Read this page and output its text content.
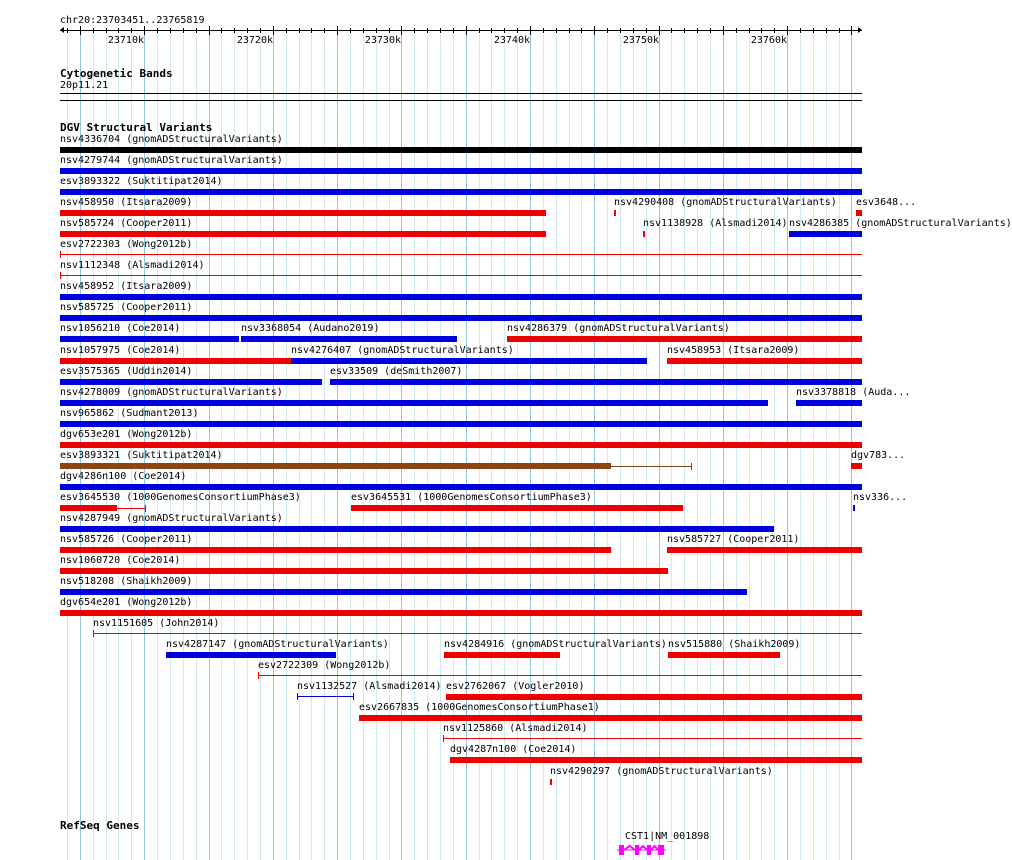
chr20:23703451..23765819
23710k	23720k	23730k	23740k	23750k	23760k
Cytogenetic Bands
20p11.21
DGV Structural Variants
nsv4336704 (gnomADStructuralVariants)
nsv4279744 (gnomADStructuralVariants)
esv3893322 (Suktitipat2014)
nsv458950 (Itsara2009)	nsv4290408 (gnomADStructuralVariants) esv3648...
nsv585724 (Cooper2011)	nsv1138928 (Alsmadi2014) nsv4286385 (gnomADStructuralVariants)
esv2722303 (Wong2012b)
nsv1112348 (Alsmadi2014)
nsv458952 (Itsara2009)
nsv585725 (Cooper2011)
nsv1056210 (Coe2014)	nsv3368054 (Audano2019)	nsv4286379 (gnomADStructuralVariants)
nsv1057975 (Coe2014)	nsv4276407 (gnomADStructuralVariants)	nsv458953 (Itsara2009)
esv3575365 (Uddin2014)	esv33509 (deSmith2007)
nsv4278009 (gnomADStructuralVariants)	nsv3378818 (Auda...
nsv965862 (Sudmant2013)
dgv653e201 (Wong2012b)
esv3893321 (Suktitipat2014)	dgv783...
dgv4286n100 (Coe2014)
esv3645530 (1000GenomesConsortiumPhase3)	esv3645531 (1000GenomesConsortiumPhase3)	nsv336...
nsv4287949 (gnomADStructuralVariants)
nsv585726 (Cooper2011)	nsv585727 (Cooper2011)
nsv1060720 (Coe2014)
nsv518208 (Shaikh2009)
dgv654e201 (Wong2012b)
nsv1151605 (John2014)
nsv4287147 (gnomADStructuralVariants)	nsv4284916 (gnomADStructuralVariants) nsv515880 (Shaikh2009)
esv2722309 (Wong2012b)
nsv1132527 (Alsmadi2014) esv2762067 (Vogler2010)
esv2667835 (1000GenomesConsortiumPhase1)
nsv1125860 (Alsmadi2014)
dgv4287n100 (Coe2014)
nsv4290297 (gnomADStructuralVariants)
RefSeq Genes
CST1|NM_001898
